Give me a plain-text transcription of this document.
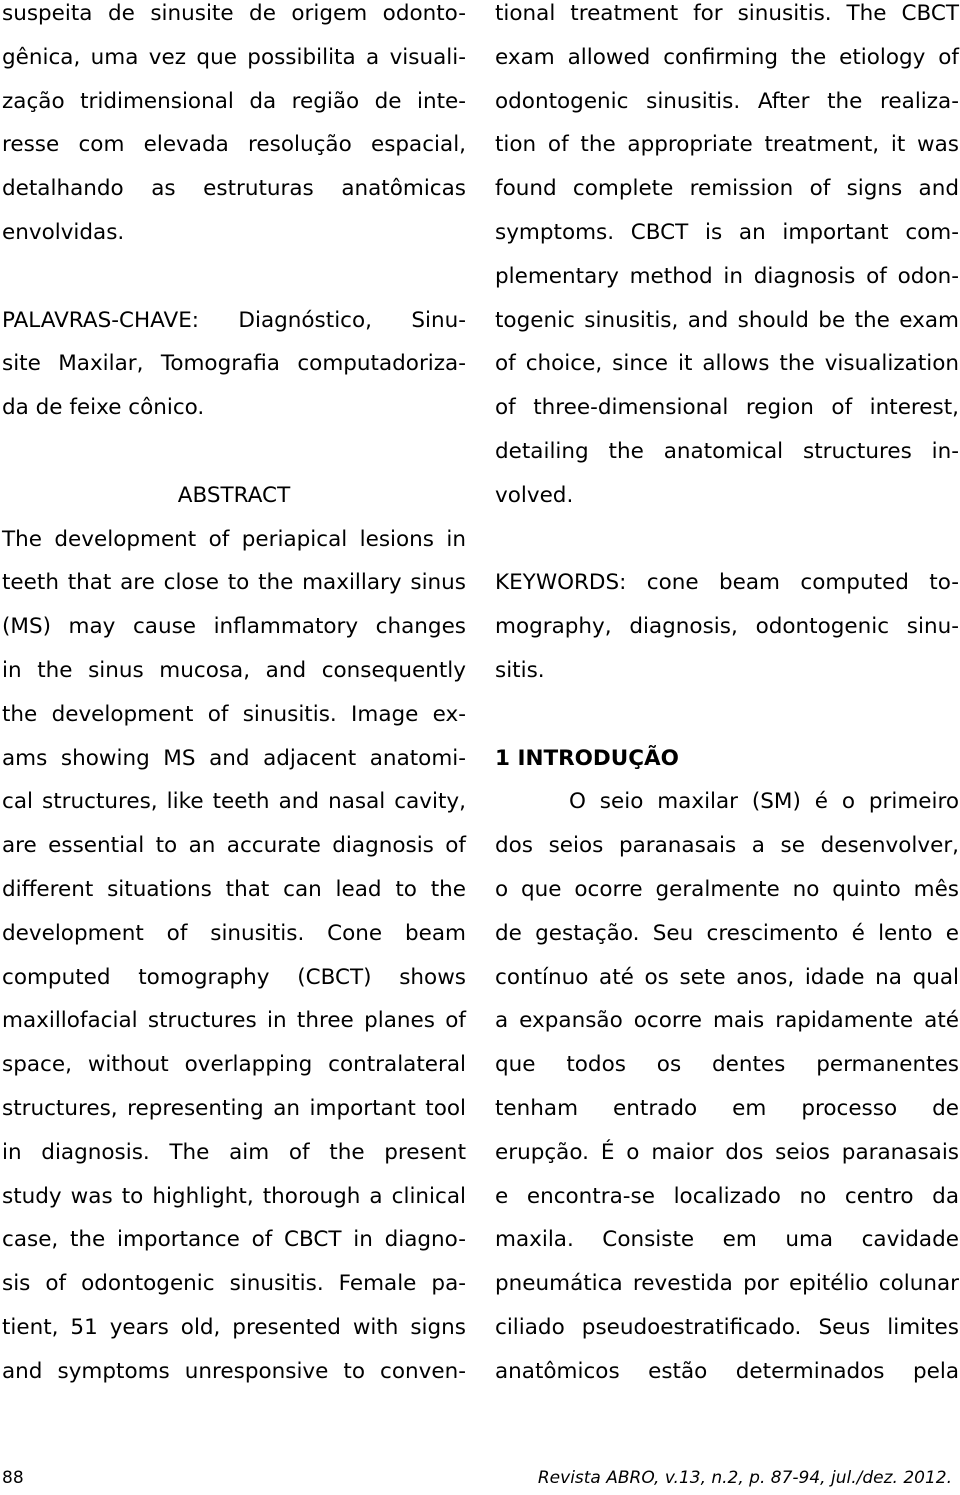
suspeita de sinusite de origem odonto-
gênica, uma vez que possibilita a visuali-
zação tridimensional da região de inte-
resse com elevada resolução espacial,
detalhando as estruturas anatômicas
envolvidas.
PALAVRAS-CHAVE: Diagnóstico, Sinu-
site Maxilar, Tomografia computadoriza-
da de feixe cônico.
ABSTRACT
The development of periapical lesions in
teeth that are close to the maxillary sinus
(MS) may cause inflammatory changes
in the sinus mucosa, and consequently
the development of sinusitis. Image ex-
ams showing MS and adjacent anatomi-
cal structures, like teeth and nasal cavity,
are essential to an accurate diagnosis of
different situations that can lead to the
development of sinusitis. Cone beam
computed tomography (CBCT) shows
maxillofacial structures in three planes of
space, without overlapping contralateral
structures, representing an important tool
in diagnosis. The aim of the present
study was to highlight, thorough a clinical
case, the importance of CBCT in diagno-
sis of odontogenic sinusitis. Female pa-
tient, 51 years old, presented with signs
and symptoms unresponsive to conven-
tional treatment for sinusitis. The CBCT
exam allowed confirming the etiology of
odontogenic sinusitis. After the realiza-
tion of the appropriate treatment, it was
found complete remission of signs and
symptoms. CBCT is an important com-
plementary method in diagnosis of odon-
togenic sinusitis, and should be the exam
of choice, since it allows the visualization
of three-dimensional region of interest,
detailing the anatomical structures in-
volved.
KEYWORDS: cone beam computed to-
mography, diagnosis, odontogenic sinu-
sitis.
1 INTRODUÇÃO
O seio maxilar (SM) é o primeiro
dos seios paranasais a se desenvolver,
o que ocorre geralmente no quinto mês
de gestação. Seu crescimento é lento e
contínuo até os sete anos, idade na qual
a expansão ocorre mais rapidamente até
que todos os dentes permanentes
tenham entrado em processo de
erupção. É o maior dos seios paranasais
e encontra-se localizado no centro da
maxila. Consiste em uma cavidade
pneumática revestida por epitélio colunar
ciliado pseudoestratificado. Seus limites
anatômicos estão determinados pela
88	Revista ABRO, v.13, n.2, p. 87-94, jul./dez. 2012.
